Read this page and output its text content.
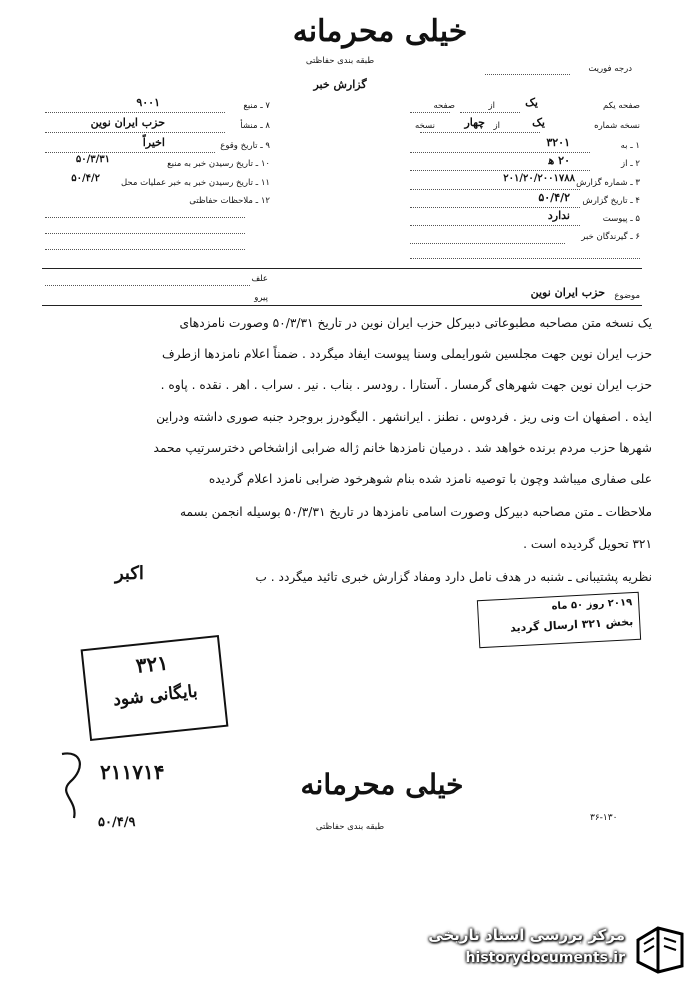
خیلی محرمانه
طبقه بندی حفاظتی
درجه فوریت
گزارش خبر
صفحه یکم
از	یک
صفحه
نسخه شماره
یک
از
چهار
نسخه
۱ ـ به
۳۲۰۱
۲ ـ از
۲۰ ه‍
۳ ـ شماره گزارش
۲۰۱/۲۰/۲۰۰۱۷۸۸
۴ ـ تاریخ گزارش
۵۰/۴/۲
۵ ـ پیوست
ندارد
۶ ـ گیرندگان خبر
۷ ـ منبع
۹۰۰۱
۸ ـ منشأ
حزب ایران نوین
۹ ـ تاریخ وقوع
اخیراً
۱۰ ـ تاریخ رسیدن خبر به منبع
۵۰/۳/۳۱
۱۱ ـ تاریخ رسیدن خبر به خبر عملیات محل
۵۰/۴/۲
۱۲ ـ ملاحظات حفاظتی
علف
پیرو	موضوع
حزب ایران نوین
یک نسخه متن مصاحبه مطبوعاتی دبیرکل حزب ایران نوین در تاریخ ۵۰/۳/۳۱ وصورت نامزدهای
حزب ایران نوین جهت مجلسین شورایملی وسنا پیوست ایفاد میگردد . ضمناً اعلام نامزدها ازطرف
حزب ایران نوین جهت شهرهای گرمسار . آستارا . رودسر . بناب . نیر . سراب . اهر . نقده . پاوه .
ایذه . اصفهان ات ونی ریز . فردوس . نطنز . ایرانشهر . الیگودرز بروجرد جنبه صوری داشته ودراین
شهرها حزب مردم برنده خواهد شد . درمیان نامزدها خانم ژاله ضرابی ازاشخاص دخترسرتیپ محمد
علی صفاری میباشد وچون با توصیه نامزد شده بنام شوهرخود ضرابی نامزد اعلام گردیده
ملاحظات ـ متن مصاحبه دبیرکل وصورت اسامی نامزدها در تاریخ ۵۰/۳/۳۱ بوسیله انجمن بسمه
۳۲۱ تحویل گردیده است .
نظریه پشتیبانی ـ شنبه در هدف نامل دارد ومفاد گزارش خبری تائید میگردد . ب
اکبر
۲۰۱۹ روز ۵۰ ماه
بخش ۳۲۱ ارسال گردید
۳۲۱
بایگانی شود
۲۱۱۷۱۴
۵۰/۴/۹
خیلی محرمانه
طبقه بندی حفاظتی
۳۶-۱۳۰
مرکز بررسی اسناد تاریخی
historydocuments.ir
